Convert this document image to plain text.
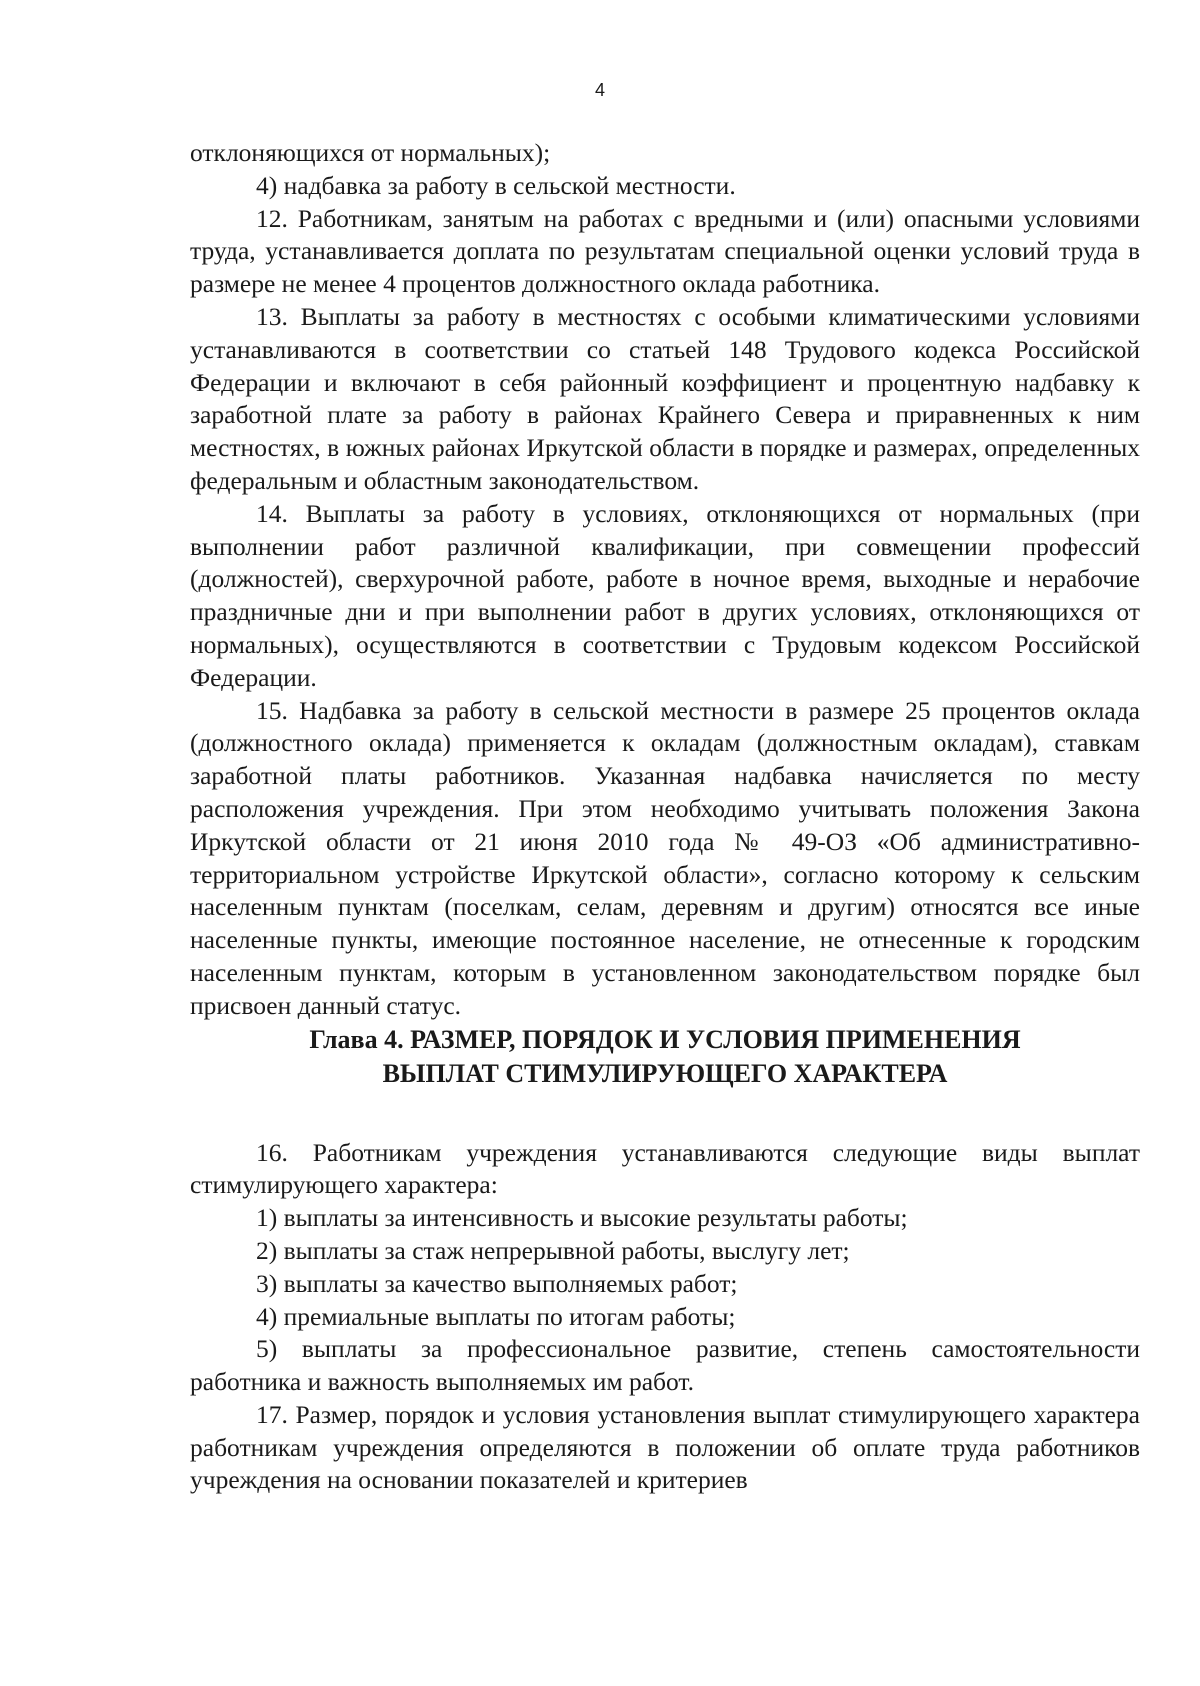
4

отклоняющихся от нормальных);

4) надбавка за работу в сельской местности.

12. Работникам, занятым на работах с вредными и (или) опасными условиями труда, устанавливается доплата по результатам специальной оценки условий труда в размере не менее 4 процентов должностного оклада работника.

13. Выплаты за работу в местностях с особыми климатическими условиями устанавливаются в соответствии со статьей 148 Трудового кодекса Российской Федерации и включают в себя районный коэффициент и процентную надбавку к заработной плате за работу в районах Крайнего Севера и приравненных к ним местностях, в южных районах Иркутской области в порядке и размерах, определенных федеральным и областным законодательством.

14. Выплаты за работу в условиях, отклоняющихся от нормальных (при выполнении работ различной квалификации, при совмещении профессий (должностей), сверхурочной работе, работе в ночное время, выходные и нерабочие праздничные дни и при выполнении работ в других условиях, отклоняющихся от нормальных), осуществляются в соответствии с Трудовым кодексом Российской Федерации.

15. Надбавка за работу в сельской местности в размере 25 процентов оклада (должностного оклада) применяется к окладам (должностным окладам), ставкам заработной платы работников. Указанная надбавка начисляется по месту расположения учреждения. При этом необходимо учитывать положения Закона Иркутской области от 21 июня 2010 года № 49-ОЗ «Об административно-территориальном устройстве Иркутской области», согласно которому к сельским населенным пунктам (поселкам, селам, деревням и другим) относятся все иные населенные пункты, имеющие постоянное население, не отнесенные к городским населенным пунктам, которым в установленном законодательством порядке был присвоен данный статус.

Глава 4. РАЗМЕР, ПОРЯДОК И УСЛОВИЯ ПРИМЕНЕНИЯ
ВЫПЛАТ СТИМУЛИРУЮЩЕГО ХАРАКТЕРА

16. Работникам учреждения устанавливаются следующие виды выплат стимулирующего характера:

1) выплаты за интенсивность и высокие результаты работы;

2) выплаты за стаж непрерывной работы, выслугу лет;

3) выплаты за качество выполняемых работ;

4) премиальные выплаты по итогам работы;

5) выплаты за профессиональное развитие, степень самостоятельности работника и важность выполняемых им работ.

17. Размер, порядок и условия установления выплат стимулирующего характера работникам учреждения определяются в положении об оплате труда работников учреждения на основании показателей и критериев
